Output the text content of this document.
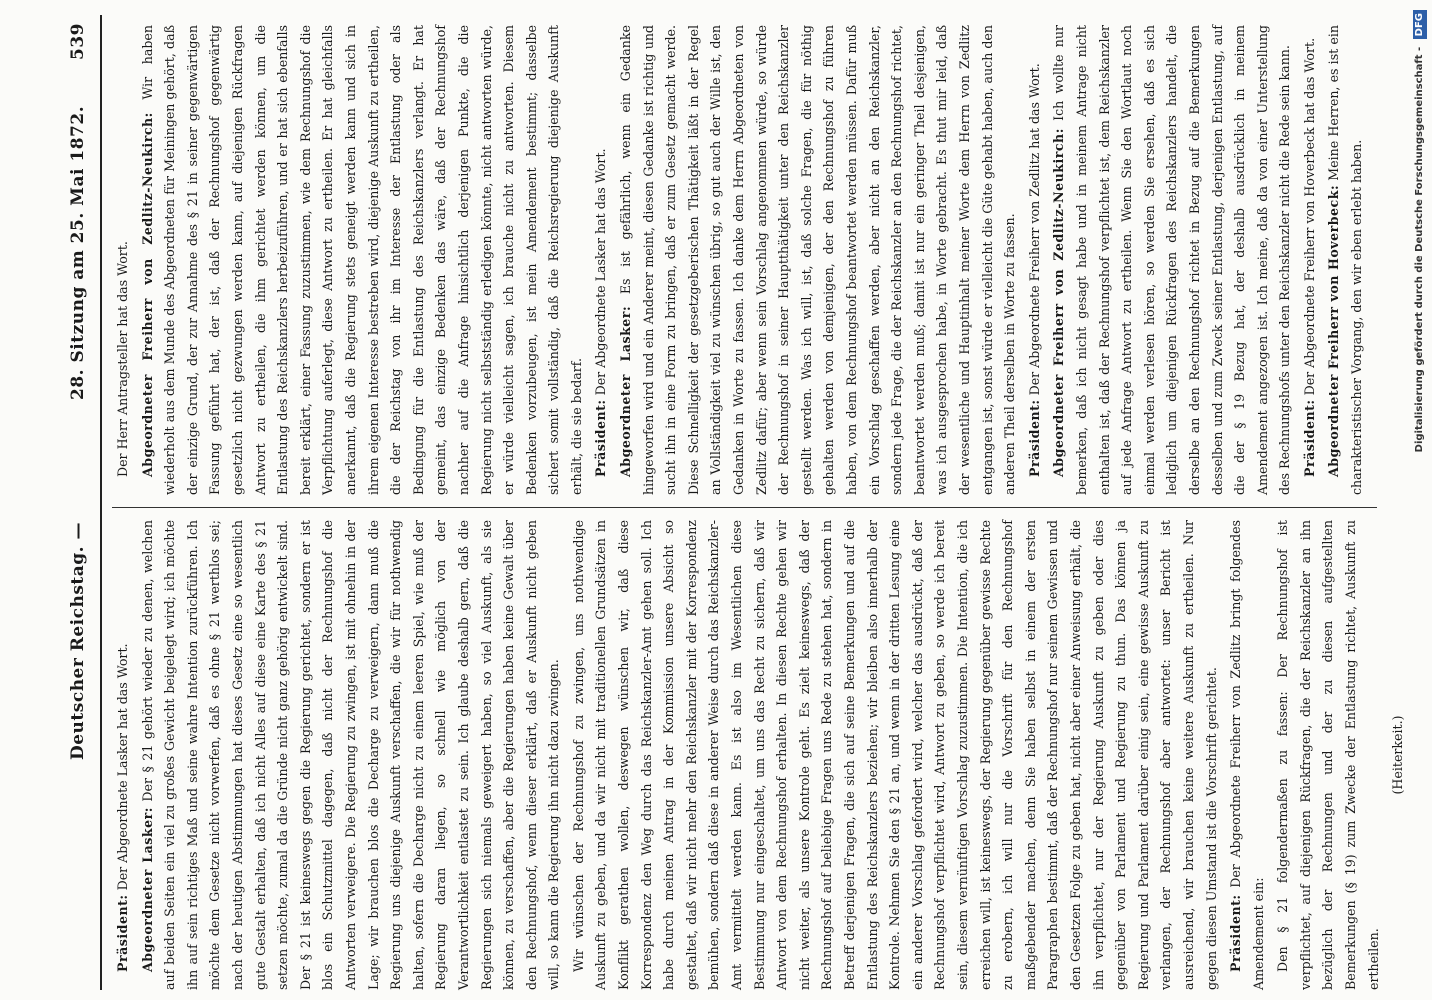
Deutscher Reichstag. —
28. Sitzung am 25. Mai 1872.
539

Präsident: Der Abgeordnete Lasker hat das Wort. Abgeordneter Lasker: Der § 21 gehört wieder zu denen, welchen auf beiden Seiten ein viel zu großes Gewicht beigelegt wird; ich möchte ihn auf sein richtiges Maß und seine wahre Intention zurückführen. Ich möchte dem Gesetze nicht vorwerfen, daß es ohne § 21 werthlos sei; nach der heutigen Abstimmungen hat dieses Gesetz eine so wesentlich gute Gestalt erhalten, daß ich nicht Alles auf diese eine Karte des § 21 setzen möchte, zumal da die Gründe nicht ganz gehörig entwickelt sind. Der § 21 ist keineswegs gegen die Regierung gerichtet, sondern er ist blos ein Schutzmittel dagegen, daß nicht der Rechnungshof die Antworten verweigere. Die Regierung zu zwingen, ist mit ohnehin in der Lage; wir brauchen blos die Decharge zu verweigern, dann muß die Regierung uns diejenige Auskunft verschaffen, die wir für nothwendig halten, sofern die Decharge nicht zu einem leeren Spiel, wie muß der Regierung daran liegen, so schnell wie möglich von der Verantwortlichkeit entlastet zu sein. Ich glaube deshalb gern, daß die Regierungen sich niemals geweigert haben, so viel Auskunft, als sie können, zu verschaffen, aber die Regierungen haben keine Gewalt über den Rechnungshof, wenn dieser erklärt, daß er Auskunft nicht geben will, so kann die Regierung ihn nicht dazu zwingen. Wir wünschen der Rechnungshof zu zwingen, uns nothwendige Auskunft zu geben, und da wir nicht mit traditionellen Grundsätzen in Konflikt gerathen wollen, deswegen wünschen wir, daß diese Korrespondenz den Weg durch das Reichskanzler-Amt gehen soll. Ich habe durch meinen Antrag in der Kommission unsere Absicht so gestaltet, daß wir nicht mehr den Reichskanzler mit der Korrespondenz bemühen, sondern daß diese in anderer Weise durch das Reichskanzler-Amt vermittelt werden kann. Es ist also im Wesentlichen diese Bestimmung nur eingeschaltet, um uns das Recht zu sichern, daß wir Antwort von dem Rechnungshof erhalten. In diesen Rechte gehen wir nicht weiter, als unsere Kontrole geht. Es zielt keineswegs, daß der Rechnungshof auf beliebige Fragen uns Rede zu stehen hat, sondern in Betreff derjenigen Fragen, die sich auf seine Bemerkungen und auf die Entlastung des Reichskanzlers beziehen; wir bleiben also innerhalb der Kontrole. Nehmen Sie den § 21 an, und wenn in der dritten Lesung eine ein anderer Vorschlag gefordert wird, welcher das ausdrückt, daß der Rechnungshof verpflichtet wird, Antwort zu geben, so werde ich bereit sein, diesem vernünftigen Vorschlag zuzustimmen. Die Intention, die ich erreichen will, ist keineswegs, der Regierung gegenüber gewisse Rechte zu erobern, ich will nur die Vorschrift für den Rechnungshof maßgebender machen, denn Sie haben selbst in einem der ersten Paragraphen bestimmt, daß der Rechnungshof nur seinem Gewissen und den Gesetzen Folge zu geben hat, nicht aber einer Anweisung erhält, die ihn verpflichtet, nur der Regierung Auskunft zu geben oder dies gegenüber von Parlament und Regierung zu thun. Das können ja Regierung und Parlament darüber einig sein, eine gewisse Auskunft zu verlangen, der Rechnungshof aber antwortet: unser Bericht ist ausreichend, wir brauchen keine weitere Auskunft zu ertheilen. Nur gegen diesen Umstand ist die Vorschrift gerichtet. Präsident: Der Abgeordnete Freiherr von Zedlitz bringt folgendes Amendement ein: Den § 21 folgendermaßen zu fassen: Der Rechnungshof ist verpflichtet, auf diejenigen Rückfragen, die der Reichskanzler an ihn bezüglich der Rechnungen und der zu diesen aufgestellten Bemerkungen (§ 19) zum Zwecke der Entlastung richtet, Auskunft zu ertheilen.

(Heiterkeit.)

Der Herr Antragsteller hat das Wort. Abgeordneter Freiherr von Zedlitz-Neukirch: Wir haben wiederholt aus dem Munde des Abgeordneten für Meiningen gehört, daß der einzige Grund, der zur Annahme des § 21 in seiner gegenwärtigen Fassung geführt hat, der ist, daß der Rechnungshof gegenwärtig gesetzlich nicht gezwungen werden kann, auf diejenigen Rückfragen Antwort zu ertheilen, die ihm gerichtet werden können, um die Entlastung des Reichskanzlers herbeizuführen, und er hat sich ebenfalls bereit erklärt, einer Fassung zuzustimmen, wie dem Rechnungshof die Verpflichtung auferlegt, diese Antwort zu ertheilen. Er hat gleichfalls anerkannt, daß die Regierung stets geneigt werden kann und sich in ihrem eigenen Interesse bestreben wird, diejenige Auskunft zu ertheilen, die der Reichstag von ihr im Interesse der Entlastung oder als Bedingung für die Entlastung des Reichskanzlers verlangt. Er hat gemeint, das einzige Bedenken das wäre, daß der Rechnungshof nachher auf die Anfrage hinsichtlich derjenigen Punkte, die die Regierung nicht selbstständig erledigen könnte, nicht antworten würde, er würde vielleicht sagen, ich brauche nicht zu antworten. Diesem Bedenken vorzubeugen, ist mein Amendement bestimmt; dasselbe sichert somit vollständig, daß die Reichsregierung diejenige Auskunft erhält, die sie bedarf. Präsident: Der Abgeordnete Lasker hat das Wort. Abgeordneter Lasker: Es ist gefährlich, wenn ein Gedanke hingeworfen wird und ein Anderer meint, diesen Gedanke ist richtig und sucht ihn in eine Form zu bringen, daß er zum Gesetz gemacht werde. Diese Schnelligkeit der gesetzgeberischen Thätigkeit läßt in der Regel an Vollständigkeit viel zu wünschen übrig, so gut auch der Wille ist, den Gedanken in Worte zu fassen. Ich danke dem Herrn Abgeordneten von Zedlitz dafür; aber wenn sein Vorschlag angenommen würde, so würde der Rechnungshof in seiner Hauptthätigkeit unter den Reichskanzler gestellt werden. Was ich will, ist, daß solche Fragen, die für nöthig gehalten werden von demjenigen, der den Rechnungshof zu führen haben, von dem Rechnungshof beantwortet werden müssen. Dafür muß ein Vorschlag geschaffen werden, aber nicht an den Reichskanzler, sondern jede Frage, die der Reichskanzler an den Rechnungshof richtet, beantwortet werden muß; damit ist nur ein geringer Theil desjenigen, was ich ausgesprochen habe, in Worte gebracht. Es thut mir leid, daß der wesentliche und Hauptinhalt meiner Worte dem Herrn von Zedlitz entgangen ist, sonst würde er vielleicht die Güte gehabt haben, auch den anderen Theil derselben in Worte zu fassen. Präsident: Der Abgeordnete Freiherr von Zedlitz hat das Wort. Abgeordneter Freiherr von Zedlitz-Neukirch: Ich wollte nur bemerken, daß ich nicht gesagt habe und in meinem Antrage nicht enthalten ist, daß der Rechnungshof verpflichtet ist, dem Reichskanzler auf jede Anfrage Antwort zu ertheilen. Wenn Sie den Wortlaut noch einmal werden verlesen hören, so werden Sie ersehen, daß es sich lediglich um diejenigen Rückfragen des Reichskanzlers handelt, die derselbe an den Rechnungshof richtet in Bezug auf die Bemerkungen desselben und zum Zweck seiner Entlastung, derjenigen Entlastung, auf die der § 19 Bezug hat, der deshalb ausdrücklich in meinem Amendement angezogen ist. Ich meine, daß da von einer Unterstellung des Rechnungshofs unter den Reichskanzler nicht die Rede sein kann. Präsident: Der Abgeordnete Freiherr von Hoverbeck hat das Wort. Abgeordneter Freiherr von Hoverbeck: Meine Herren, es ist ein charakteristischer Vorgang, den wir eben erlebt haben.	Digitalisierung gefördert durch die Deutsche Forschungsgemeinschaft - DFG
